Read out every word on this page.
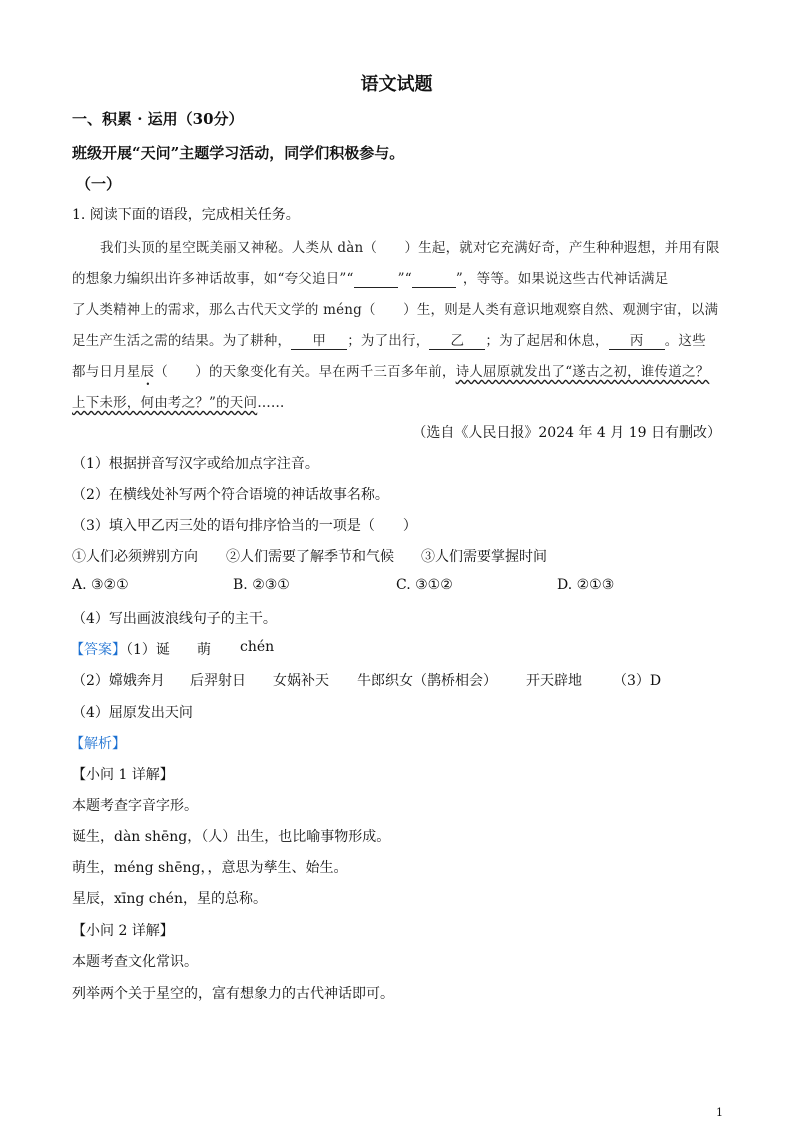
语文试题
一、积累 · 运用（30分）
班级开展“天问”主题学习活动，同学们积极参与。
（一）
1. 阅读下面的语段，完成相关任务。
我们头顶的星空既美丽又神秘。人类从 dàn（　　）生起，就对它充满好奇，产生种种遐想，并用有限
的想象力编织出许多神话故事，如“夸父追日”“	”“	”，等等。如果说这些古代神话满足
了人类精神上的需求，那么古代天文学的 méng（　　）生，则是人类有意识地观察自然、观测宇宙，以满
足生产生活之需的结果。为了耕种， 甲 ；为了出行， 乙 ；为了起居和休息， 丙 。这些
都与日月星辰
•
（　　）的天象变化有关。早在两千三百多年前，诗人屈原就发出了“遂古之初，谁传道之？
上下未形，何由考之？”的天问……
（选自《人民日报》2024 年 4 月 19 日有删改）
（1）根据拼音写汉字或给加点字注音。
（2）在横线处补写两个符合语境的神话故事名称。
（3）填入甲乙丙三处的语句排序恰当的一项是（　　）
①人们必须辨别方向 ②人们需要了解季节和气候 ③人们需要掌握时间
A. ③②①	B. ②③①	C. ③①②	D. ②①③
（4）写出画波浪线句子的主干。
【答案】（1）诞 萌 chén
（2）嫦娥奔月 后羿射日 女娲补天 牛郎织女（鹊桥相会） 开天辟地 （3）D
（4）屈原发出天问
【解析】
【小问 1 详解】
本题考查字音字形。
诞生，dàn shēng，（人）出生，也比喻事物形成。
萌生，méng shēng，，意思为孳生、始生。
星辰，xīng chén，星的总称。
【小问 2 详解】
本题考查文化常识。
列举两个关于星空的，富有想象力的古代神话即可。
1
